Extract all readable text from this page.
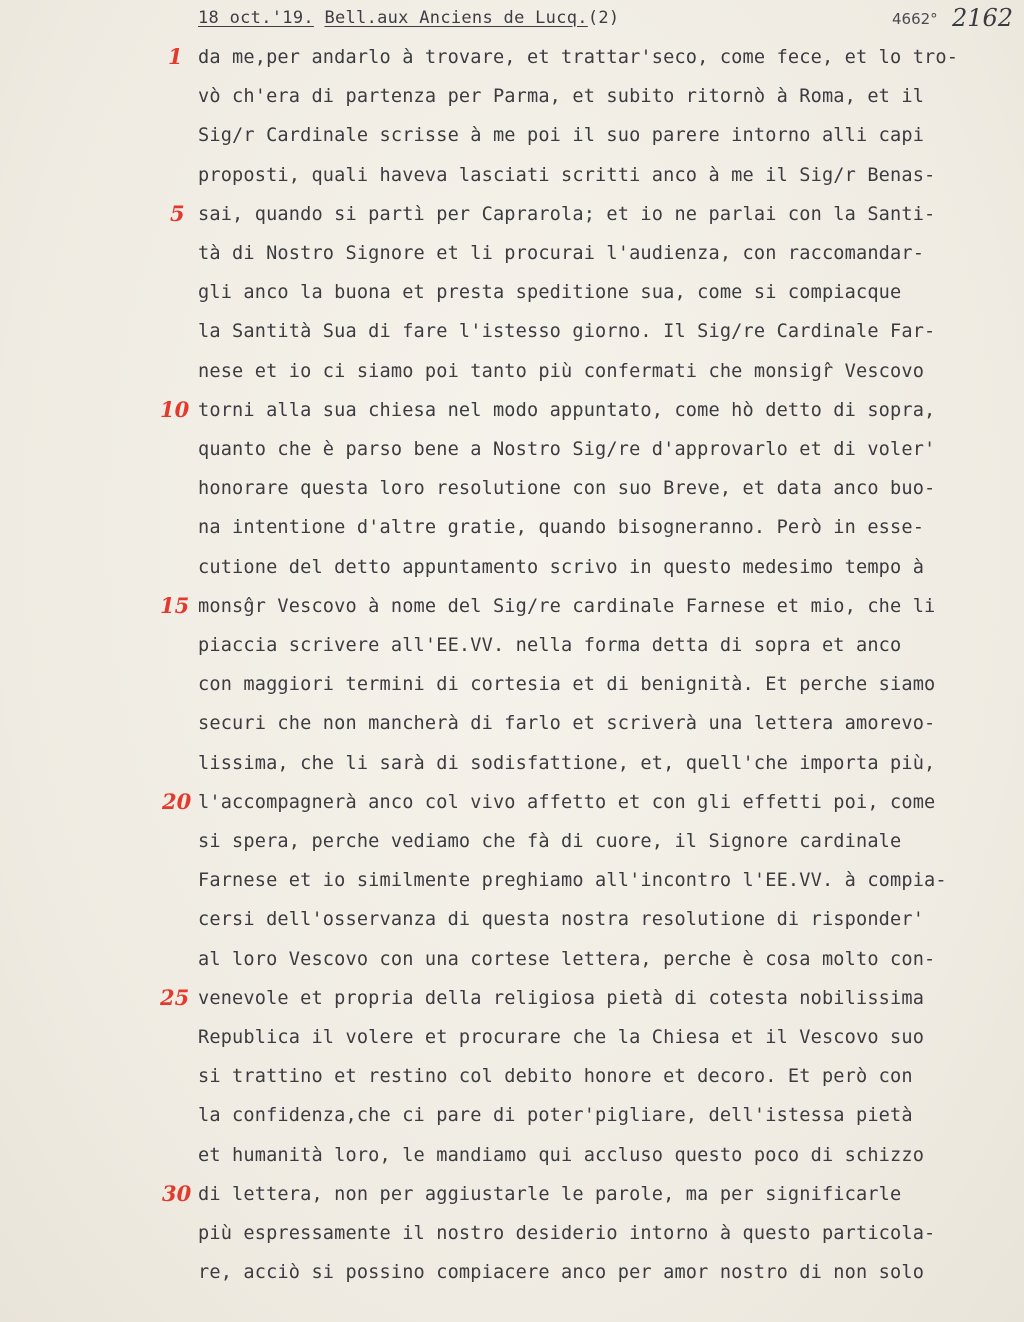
18 oct.'19. Bell.aux Anciens de Lucq.(2)	4662° 2162
da me,per andarlo à trovare, et trattar'seco, come fece, et lo tro-
vò ch'era di partenza per Parma, et subito ritornò à Roma, et il
Sig/r Cardinale scrisse à me poi il suo parere intorno alli capi
proposti, quali haveva lasciati scritti anco à me il Sig/r Benas-
sai, quando si partì per Caprarola; et io ne parlai con la Santi-
tà di Nostro Signore et li procurai l'audienza, con raccomandar-
gli anco la buona et presta speditione sua, come si compiacque
la Santità Sua di fare l'istesso giorno. Il Sig/re Cardinale Far-
nese et io ci siamo poi tanto più confermati che monsigr̂ Vescovo
torni alla sua chiesa nel modo appuntato, come hò detto di sopra,
quanto che è parso bene a Nostro Sig/re d'approvarlo et di voler'
honorare questa loro resolutione con suo Breve, et data anco buo-
na intentione d'altre gratie, quando bisogneranno. Però in esse-
cutione del detto appuntamento scrivo in questo medesimo tempo à
monsĝr Vescovo à nome del Sig/re cardinale Farnese et mio, che li
piaccia scrivere all'EE.VV. nella forma detta di sopra et anco
con maggiori termini di cortesia et di benignità. Et perche siamo
securi che non mancherà di farlo et scriverà una lettera amorevo-
lissima, che li sarà di sodisfattione, et, quell'che importa più,
l'accompagnerà anco col vivo affetto et con gli effetti poi, come
si spera, perche vediamo che fà di cuore, il Signore cardinale
Farnese et io similmente preghiamo all'incontro l'EE.VV. à compia-
cersi dell'osservanza di questa nostra resolutione di risponder'
al loro Vescovo con una cortese lettera, perche è cosa molto con-
venevole et propria della religiosa pietà di cotesta nobilissima
Republica il volere et procurare che la Chiesa et il Vescovo suo
si trattino et restino col debito honore et decoro. Et però con
la confidenza,che ci pare di poter'pigliare, dell'istessa pietà
et humanità loro, le mandiamo qui accluso questo poco di schizzo
di lettera, non per aggiustarle le parole, ma per significarle
più espressamente il nostro desiderio intorno à questo particola-
re, acciò si possino compiacere anco per amor nostro di non solo
1
5
10
15
20
25
30
